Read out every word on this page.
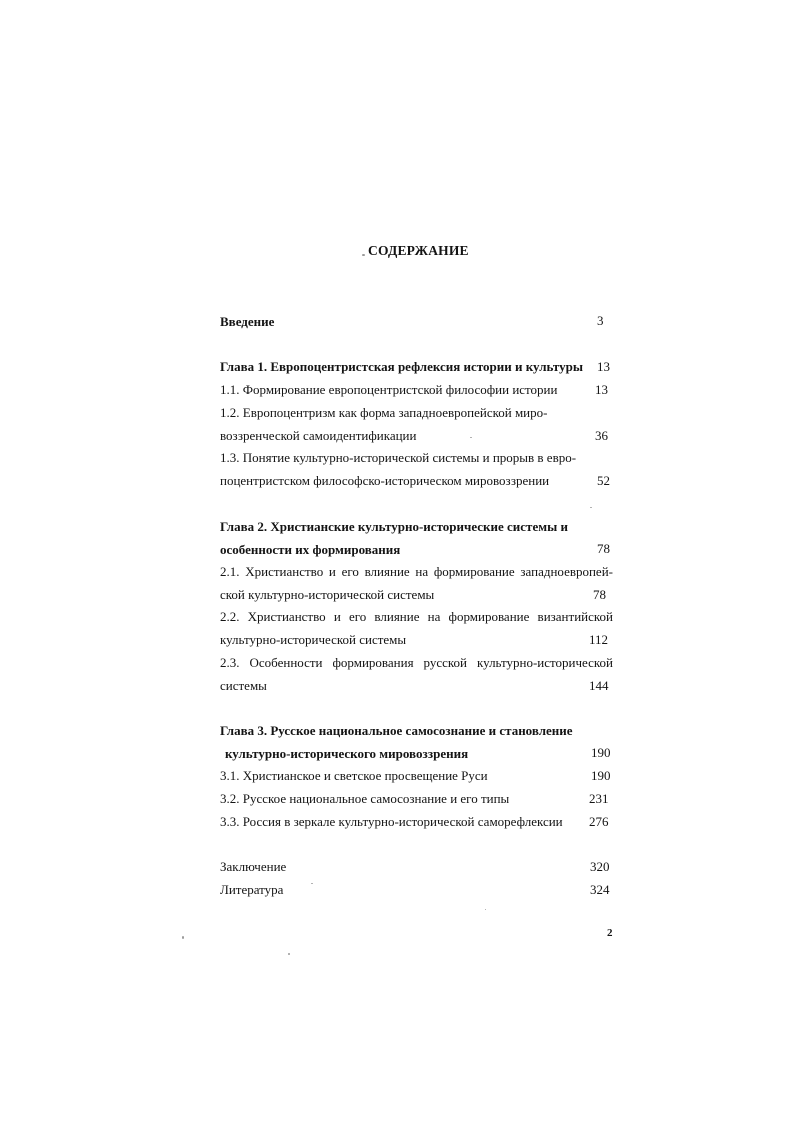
СОДЕРЖАНИЕ
Введение	3
Глава 1. Европоцентристская рефлексия истории и культуры 13
1.1. Формирование европоцентристской философии истории	13
1.2. Европоцентризм как форма западноевропейской миро-
воззренческой самоидентификации	36
1.3. Понятие культурно-исторической системы и прорыв в евро-
поцентристском философско-историческом мировоззрении	52
Глава 2. Христианские культурно-исторические системы и
особенности их формирования	78
2.1. Христианство и его влияние на формирование западноевропей-
ской культурно-исторической системы	78
2.2. Христианство и его влияние на формирование византийской
культурно-исторической системы	112
2.3. Особенности формирования русской культурно-исторической
системы	144
Глава 3. Русское национальное самосознание и становление
культурно-исторического мировоззрения	190
3.1. Христианское и светское просвещение Руси	190
3.2. Русское национальное самосознание и его типы	231
3.3. Россия в зеркале культурно-исторической саморефлексии 276
Заключение	320
Литература	324
2
